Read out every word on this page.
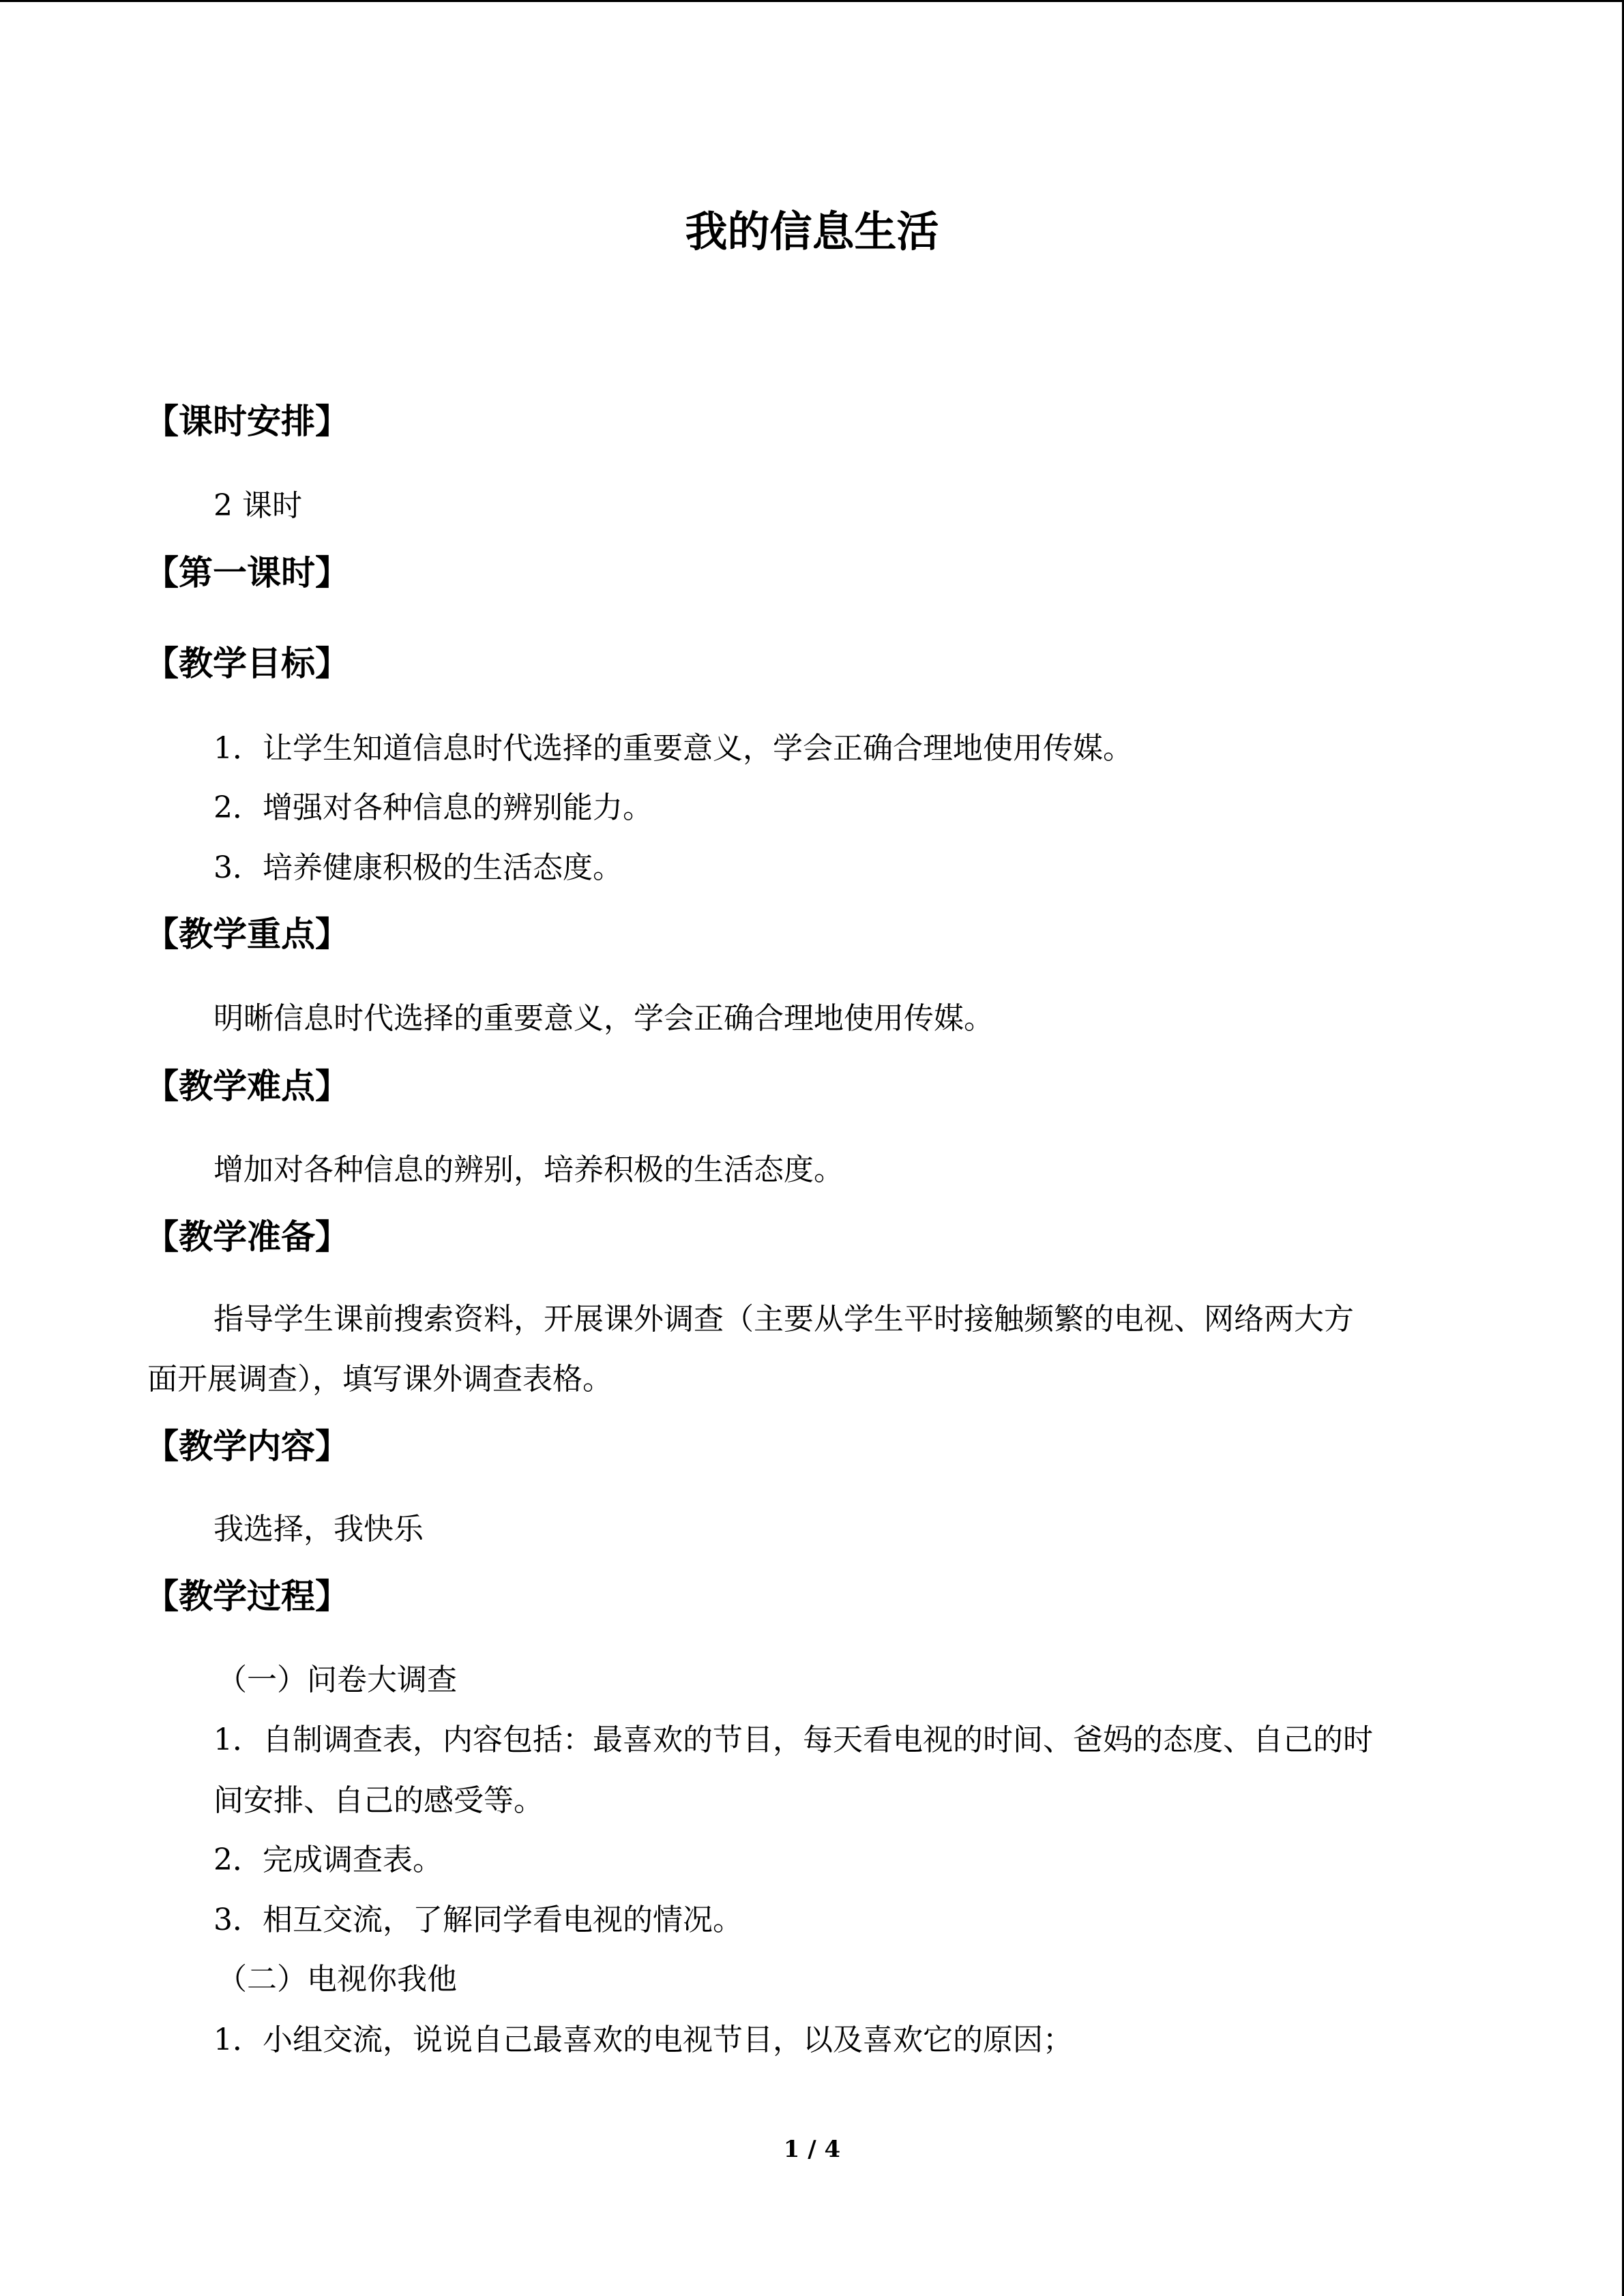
我的信息生活
【课时安排】
2 课时
【第一课时】
【教学目标】
1．让学生知道信息时代选择的重要意义，学会正确合理地使用传媒。
2．增强对各种信息的辨别能力。
3．培养健康积极的生活态度。
【教学重点】
明晰信息时代选择的重要意义，学会正确合理地使用传媒。
【教学难点】
增加对各种信息的辨别，培养积极的生活态度。
【教学准备】
指导学生课前搜索资料，开展课外调查（主要从学生平时接触频繁的电视、网络两大方
面开展调查），填写课外调查表格。
【教学内容】
我选择，我快乐
【教学过程】
（一）问卷大调查
1．自制调查表，内容包括：最喜欢的节目，每天看电视的时间、爸妈的态度、自己的时
间安排、自己的感受等。
2．完成调查表。
3．相互交流，了解同学看电视的情况。
（二）电视你我他
1．小组交流，说说自己最喜欢的电视节目，以及喜欢它的原因；
1 / 4
